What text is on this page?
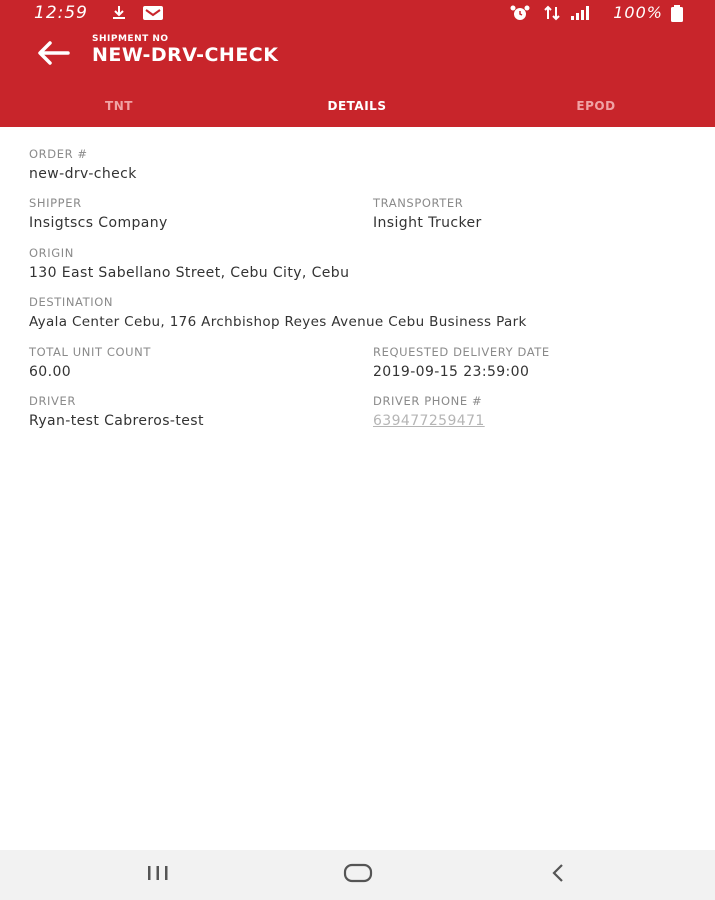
12:59	100%
SHIPMENT NO
NEW-DRV-CHECK
TNT	DETAILS	EPOD
ORDER #
new-drv-check
SHIPPER
Insigtscs Company
TRANSPORTER
Insight Trucker
ORIGIN
130 East Sabellano Street, Cebu City, Cebu
DESTINATION
Ayala Center Cebu, 176 Archbishop Reyes Avenue Cebu Business Park
TOTAL UNIT COUNT
60.00
REQUESTED DELIVERY DATE
2019-09-15 23:59:00
DRIVER
Ryan-test Cabreros-test
DRIVER PHONE #
639477259471
